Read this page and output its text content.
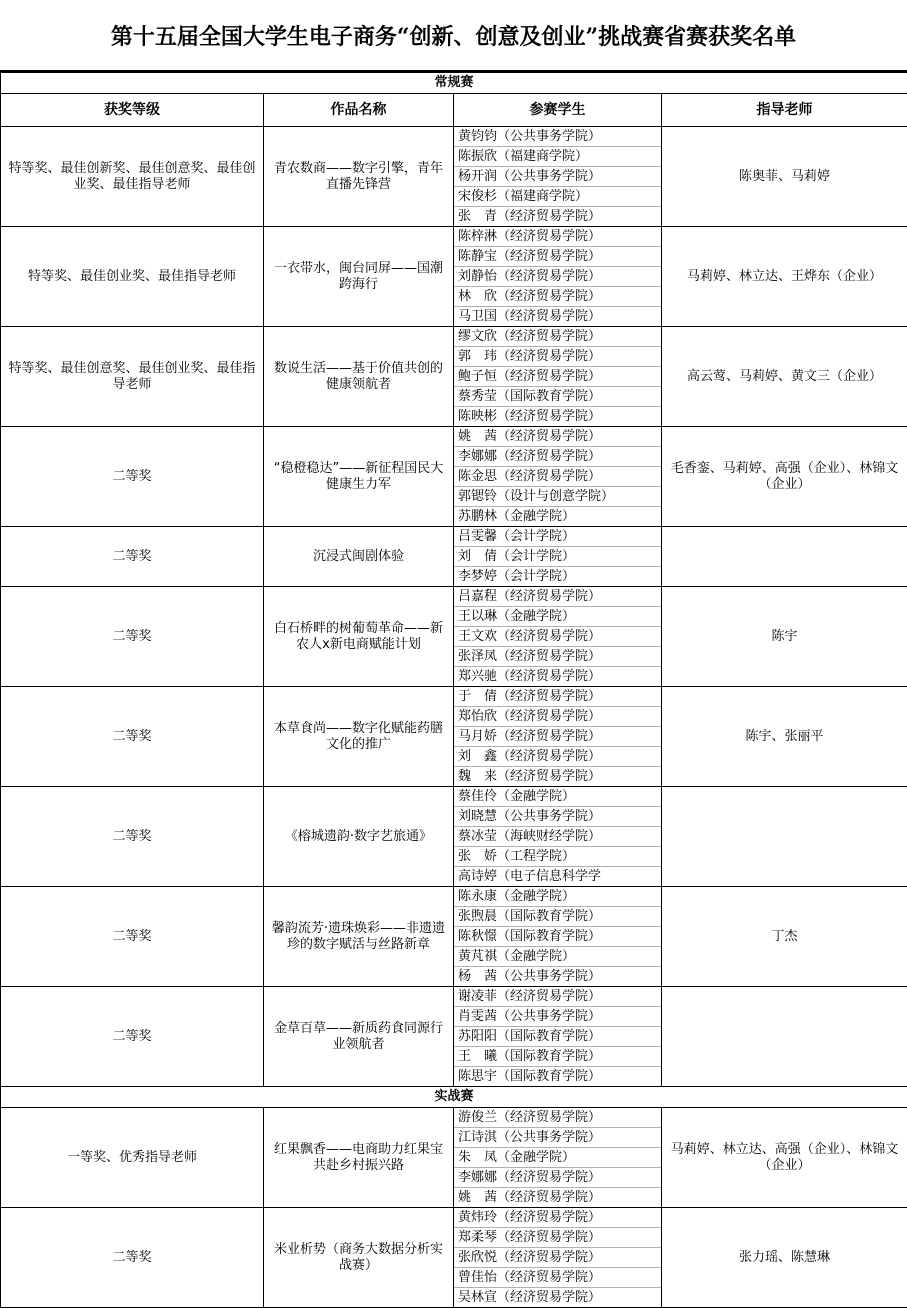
第十五届全国大学生电子商务“创新、创意及创业”挑战赛省赛获奖名单
常规赛			
获奖等级	作品名称	参赛学生	指导老师
特等奖、最佳创新奖、最佳创意奖、最佳创业奖、最佳指导老师	青农数商——数字引擎，青年直播先锋营	黄钧钧（公共事务学院）
陈振欣（福建商学院）
杨开润（公共事务学院）
宋俊杉（福建商学院）
张　青（经济贸易学院）	陈奥菲、马莉婷
特等奖、最佳创业奖、最佳指导老师	一衣带水，闽台同屏——国潮跨海行	陈梓淋（经济贸易学院）
陈静宝（经济贸易学院）
刘静怡（经济贸易学院）
林　欣（经济贸易学院）
马卫国（经济贸易学院）	马莉婷、林立达、王烨东（企业）
特等奖、最佳创意奖、最佳创业奖、最佳指导老师	数说生活——基于价值共创的健康领航者	缪文欣（经济贸易学院）
郭　玮（经济贸易学院）
鲍子恒（经济贸易学院）
蔡秀莹（国际教育学院）
陈映彬（经济贸易学院）	高云莺、马莉婷、黄文三（企业）
二等奖	“稳橙稳达”——新征程国民大健康生力军	姚　茜（经济贸易学院）
李娜娜（经济贸易学院）
陈金思（经济贸易学院）
郭锶铃（设计与创意学院）
苏鹏林（金融学院）	毛香銮、马莉婷、高强（企业）、林锦文（企业）
二等奖	沉浸式闽剧体验	吕雯馨（会计学院）
刘　倩（会计学院）
李梦婷（会计学院）	

二等奖	白石桥畔的树葡萄革命——新农人x新电商赋能计划	吕嘉程（经济贸易学院）
王以琳（金融学院）
王文欢（经济贸易学院）
张泽凤（经济贸易学院）
郑兴驰（经济贸易学院）	陈宇
二等奖	本草食尚——数字化赋能药膳文化的推广	于　倩（经济贸易学院）
郑怡欣（经济贸易学院）
马月娇（经济贸易学院）
刘　鑫（经济贸易学院）
魏　来（经济贸易学院）	陈宇、张丽平
二等奖	《榕城遗韵·数字艺旅通》	蔡佳伶（金融学院）
刘晓慧（公共事务学院）
蔡冰莹（海峡财经学院）
张　娇（工程学院）
高诗婷（电子信息科学学	

二等奖	馨韵流芳·遗珠焕彩——非遗遗珍的数字赋活与丝路新章	陈永康（金融学院）
张煦晨（国际教育学院）
陈秋憬（国际教育学院）
黄芃祺（金融学院）
杨　茜（公共事务学院）	丁杰
二等奖	金草百草——新质药食同源行业领航者	谢凌菲（经济贸易学院）
肖雯茜（公共事务学院）
苏阳阳（国际教育学院）
王　曦（国际教育学院）
陈思宇（国际教育学院）	

实战赛			
一等奖、优秀指导老师	红果飘香——电商助力红果宝共赴乡村振兴路	游俊兰（经济贸易学院）
江诗淇（公共事务学院）
朱　凤（金融学院）
李娜娜（经济贸易学院）
姚　茜（经济贸易学院）	马莉婷、林立达、高强（企业）、林锦文（企业）
二等奖	米业析势（商务大数据分析实战赛）	黄炜玲（经济贸易学院）
郑柔琴（经济贸易学院）
张欣悦（经济贸易学院）
曾佳怡（经济贸易学院）
吴林宣（经济贸易学院）	张力瑶、陈慧琳
